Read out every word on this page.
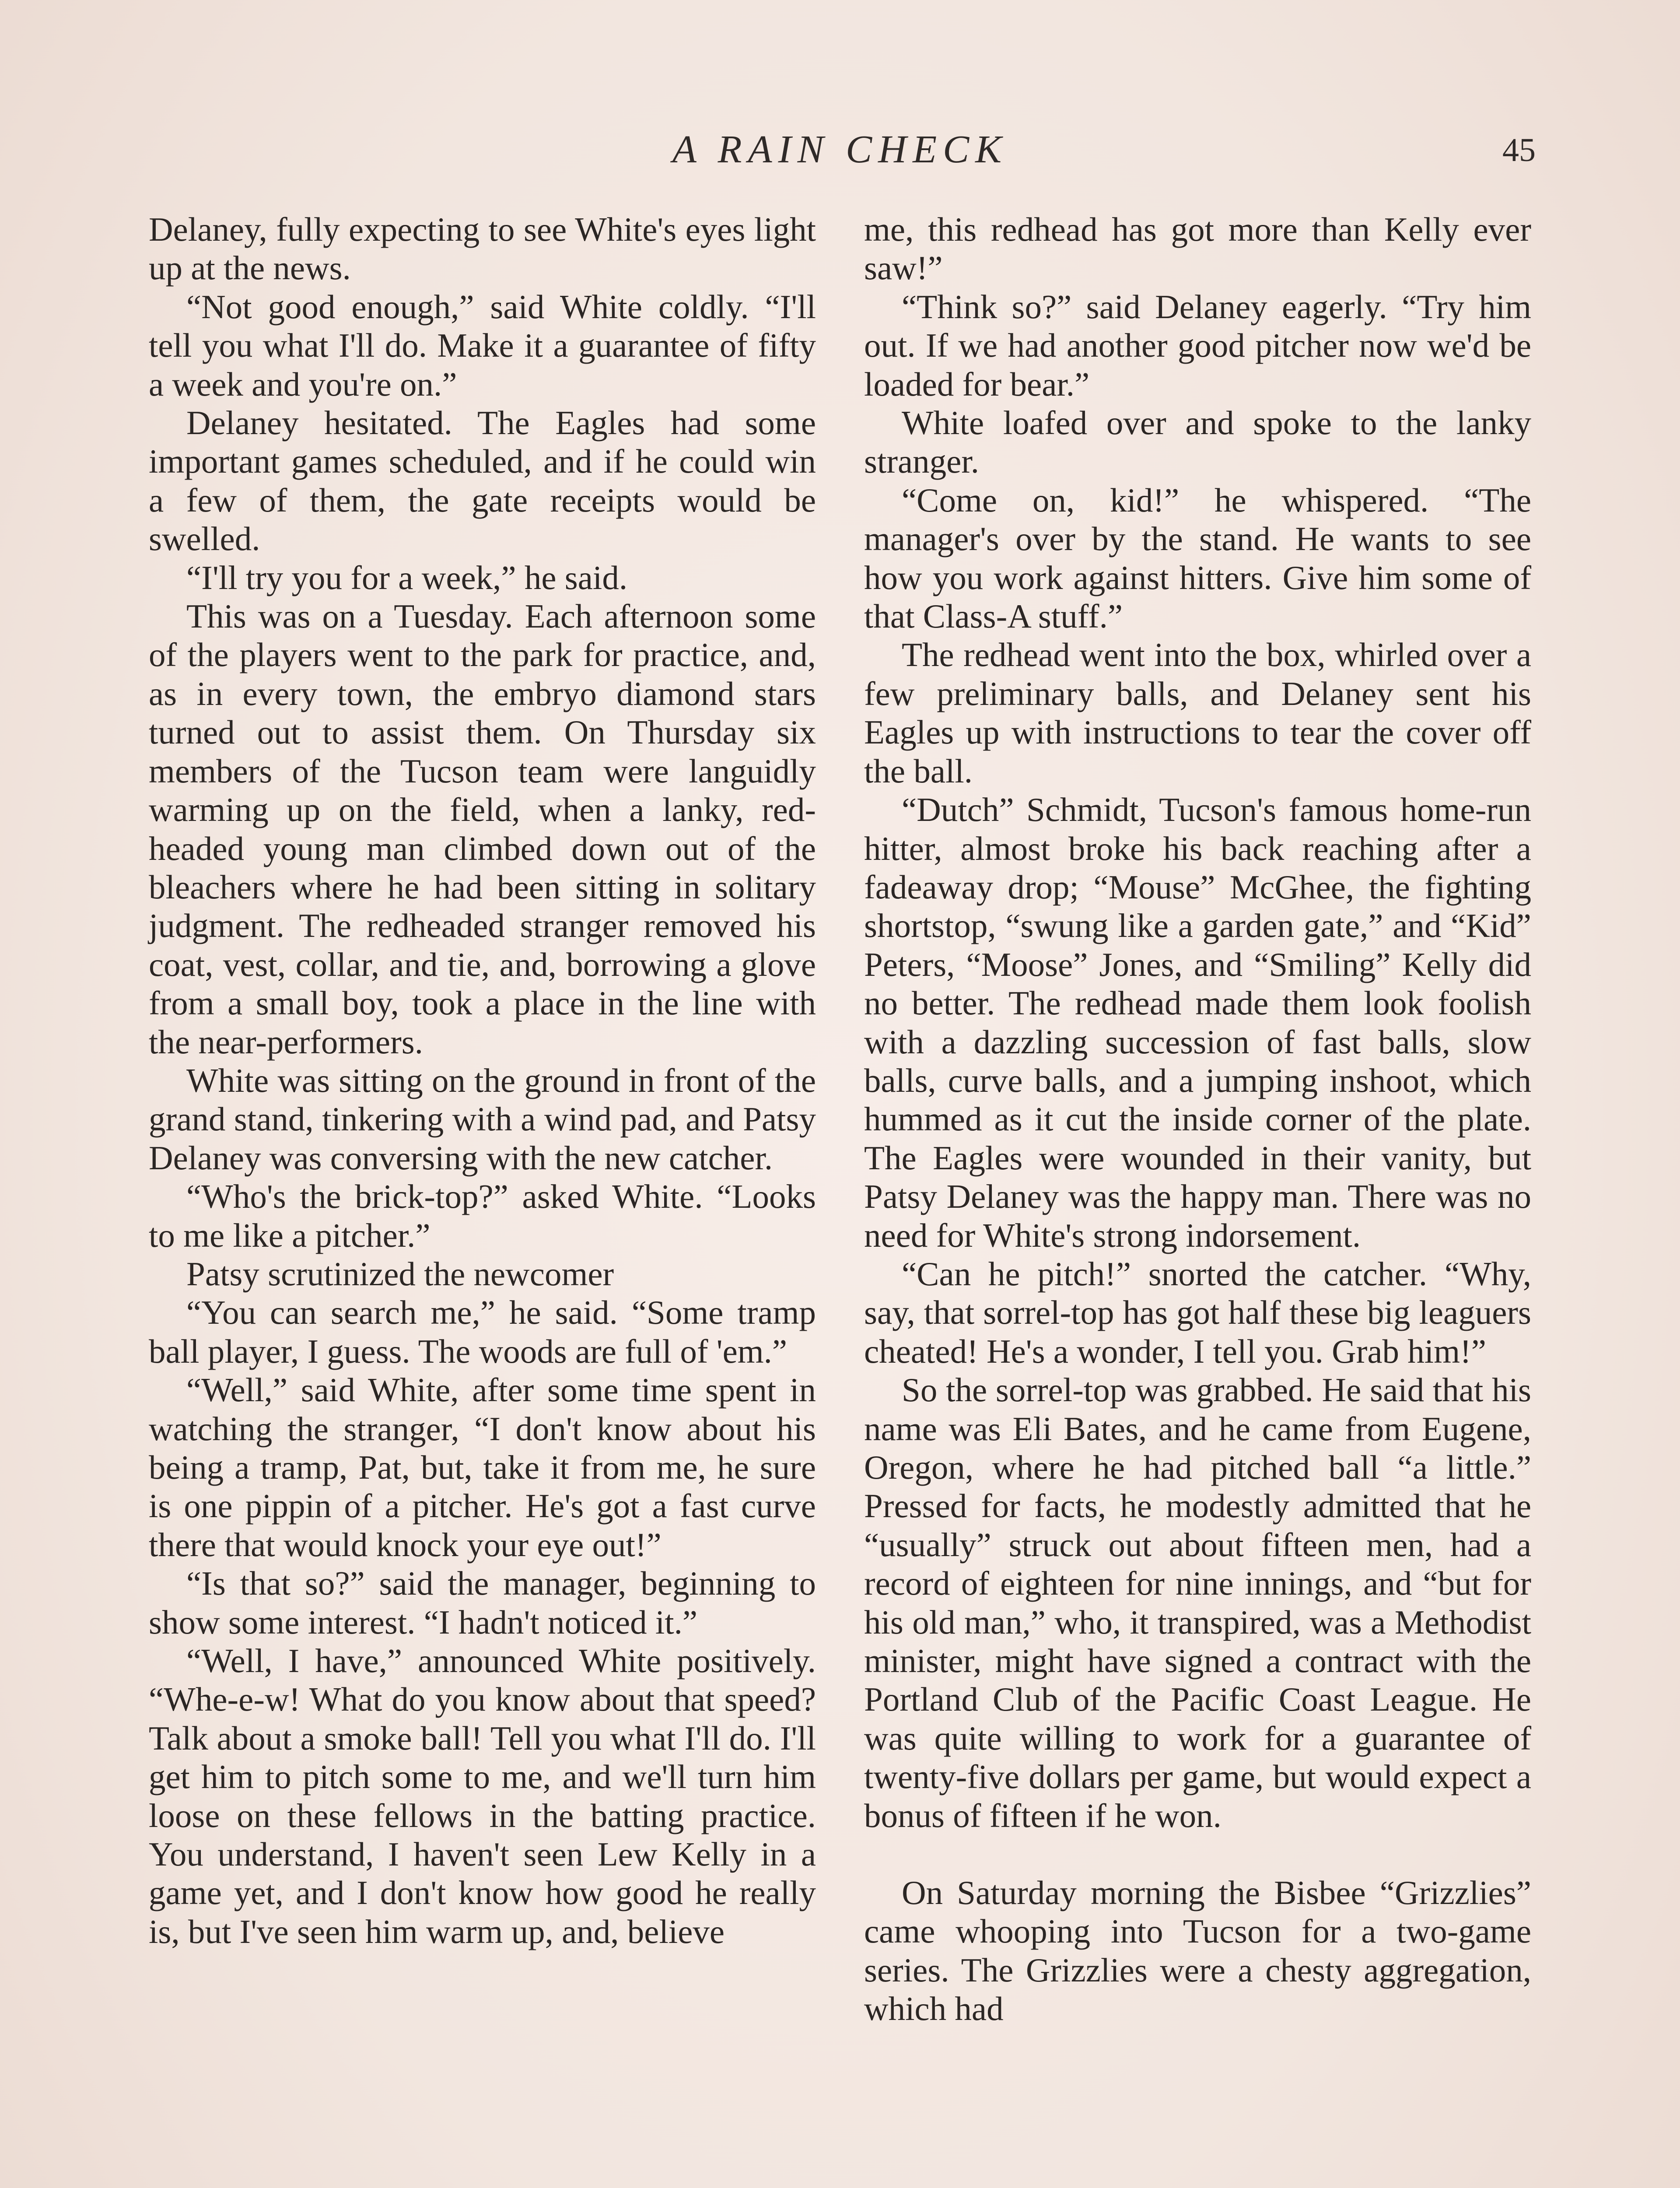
A RAIN CHECK	45

Delaney, fully expecting to see White's eyes light up at the news.

“Not good enough,” said White coldly. “I'll tell you what I'll do. Make it a guarantee of fifty a week and you're on.”

Delaney hesitated. The Eagles had some important games scheduled, and if he could win a few of them, the gate receipts would be swelled.

“I'll try you for a week,” he said.

This was on a Tuesday. Each afternoon some of the players went to the park for practice, and, as in every town, the embryo diamond stars turned out to assist them. On Thursday six members of the Tucson team were languidly warming up on the field, when a lanky, red-headed young man climbed down out of the bleachers where he had been sitting in solitary judgment. The redheaded stranger removed his coat, vest, collar, and tie, and, borrowing a glove from a small boy, took a place in the line with the near-performers.

White was sitting on the ground in front of the grand stand, tinkering with a wind pad, and Patsy Delaney was conversing with the new catcher.

“Who's the brick-top?” asked White. “Looks to me like a pitcher.”

Patsy scrutinized the newcomer

“You can search me,” he said. “Some tramp ball player, I guess. The woods are full of 'em.”

“Well,” said White, after some time spent in watching the stranger, “I don't know about his being a tramp, Pat, but, take it from me, he sure is one pippin of a pitcher. He's got a fast curve there that would knock your eye out!”

“Is that so?” said the manager, beginning to show some interest. “I hadn't noticed it.”

“Well, I have,” announced White positively. “Whe-e-w! What do you know about that speed? Talk about a smoke ball! Tell you what I'll do. I'll get him to pitch some to me, and we'll turn him loose on these fellows in the batting practice. You understand, I haven't seen Lew Kelly in a game yet, and I don't know how good he really is, but I've seen him warm up, and, believe

me, this redhead has got more than Kelly ever saw!”

“Think so?” said Delaney eagerly. “Try him out. If we had another good pitcher now we'd be loaded for bear.”

White loafed over and spoke to the lanky stranger.

“Come on, kid!” he whispered. “The manager's over by the stand. He wants to see how you work against hitters. Give him some of that Class-A stuff.”

The redhead went into the box, whirled over a few preliminary balls, and Delaney sent his Eagles up with instructions to tear the cover off the ball.

“Dutch” Schmidt, Tucson's famous home-run hitter, almost broke his back reaching after a fadeaway drop; “Mouse” McGhee, the fighting shortstop, “swung like a garden gate,” and “Kid” Peters, “Moose” Jones, and “Smiling” Kelly did no better. The redhead made them look foolish with a dazzling succession of fast balls, slow balls, curve balls, and a jumping inshoot, which hummed as it cut the inside corner of the plate. The Eagles were wounded in their vanity, but Patsy Delaney was the happy man. There was no need for White's strong indorsement.

“Can he pitch!” snorted the catcher. “Why, say, that sorrel-top has got half these big leaguers cheated! He's a wonder, I tell you. Grab him!”

So the sorrel-top was grabbed. He said that his name was Eli Bates, and he came from Eugene, Oregon, where he had pitched ball “a little.” Pressed for facts, he modestly admitted that he “usually” struck out about fifteen men, had a record of eighteen for nine innings, and “but for his old man,” who, it transpired, was a Methodist minister, might have signed a contract with the Portland Club of the Pacific Coast League. He was quite willing to work for a guarantee of twenty-five dollars per game, but would expect a bonus of fifteen if he won.

On Saturday morning the Bisbee “Grizzlies” came whooping into Tucson for a two-game series. The Grizzlies were a chesty aggregation, which had
